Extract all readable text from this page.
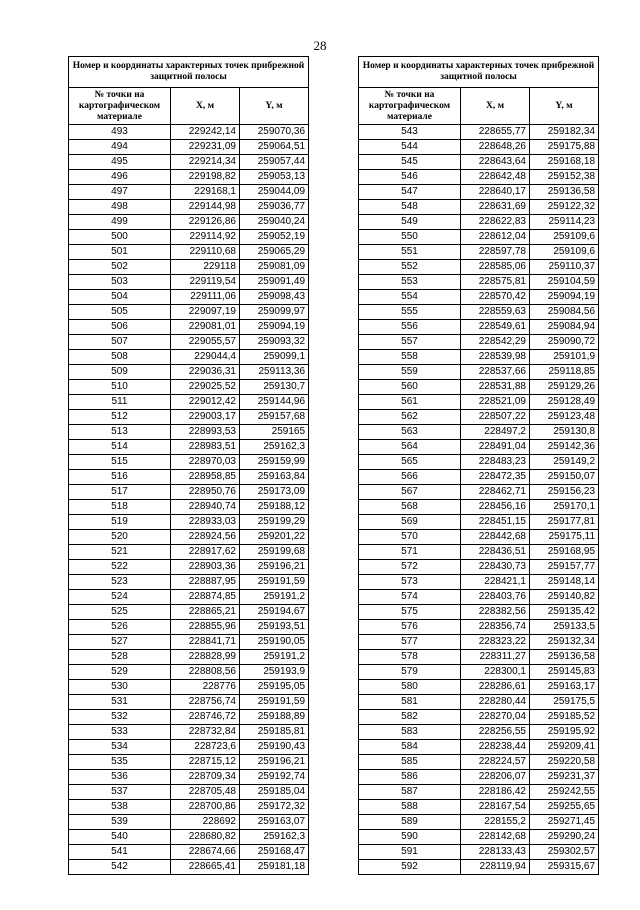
28
Номер и координаты характерных точек прибрежной защитной полосы		
№ точки на картографическом материале	X, м	Y, м
493	229242,14	259070,36
494	229231,09	259064,51
495	229214,34	259057,44
496	229198,82	259053,13
497	229168,1	259044,09
498	229144,98	259036,77
499	229126,86	259040,24
500	229114,92	259052,19
501	229110,68	259065,29
502	229118	259081,09
503	229119,54	259091,49
504	229111,06	259098,43
505	229097,19	259099,97
506	229081,01	259094,19
507	229055,57	259093,32
508	229044,4	259099,1
509	229036,31	259113,36
510	229025,52	259130,7
511	229012,42	259144,96
512	229003,17	259157,68
513	228993,53	259165
514	228983,51	259162,3
515	228970,03	259159,99
516	228958,85	259163,84
517	228950,76	259173,09
518	228940,74	259188,12
519	228933,03	259199,29
520	228924,56	259201,22
521	228917,62	259199,68
522	228903,36	259196,21
523	228887,95	259191,59
524	228874,85	259191,2
525	228865,21	259194,67
526	228855,96	259193,51
527	228841,71	259190,05
528	228828,99	259191,2
529	228808,56	259193,9
530	228776	259195,05
531	228756,74	259191,59
532	228746,72	259188,89
533	228732,84	259185,81
534	228723,6	259190,43
535	228715,12	259196,21
536	228709,34	259192,74
537	228705,48	259185,04
538	228700,86	259172,32
539	228692	259163,07
540	228680,82	259162,3
541	228674,66	259168,47
542	228665,41	259181,18
Номер и координаты характерных точек прибрежной защитной полосы		
№ точки на картографическом материале	X, м	Y, м
543	228655,77	259182,34
544	228648,26	259175,88
545	228643,64	259168,18
546	228642,48	259152,38
547	228640,17	259136,58
548	228631,69	259122,32
549	228622,83	259114,23
550	228612,04	259109,6
551	228597,78	259109,6
552	228585,06	259110,37
553	228575,81	259104,59
554	228570,42	259094,19
555	228559,63	259084,56
556	228549,61	259084,94
557	228542,29	259090,72
558	228539,98	259101,9
559	228537,66	259118,85
560	228531,88	259129,26
561	228521,09	259128,49
562	228507,22	259123,48
563	228497,2	259130,8
564	228491,04	259142,36
565	228483,23	259149,2
566	228472,35	259150,07
567	228462,71	259156,23
568	228456,16	259170,1
569	228451,15	259177,81
570	228442,68	259175,11
571	228436,51	259168,95
572	228430,73	259157,77
573	228421,1	259148,14
574	228403,76	259140,82
575	228382,56	259135,42
576	228356,74	259133,5
577	228323,22	259132,34
578	228311,27	259136,58
579	228300,1	259145,83
580	228286,61	259163,17
581	228280,44	259175,5
582	228270,04	259185,52
583	228256,55	259195,92
584	228238,44	259209,41
585	228224,57	259220,58
586	228206,07	259231,37
587	228186,42	259242,55
588	228167,54	259255,65
589	228155,2	259271,45
590	228142,68	259290,24
591	228133,43	259302,57
592	228119,94	259315,67
